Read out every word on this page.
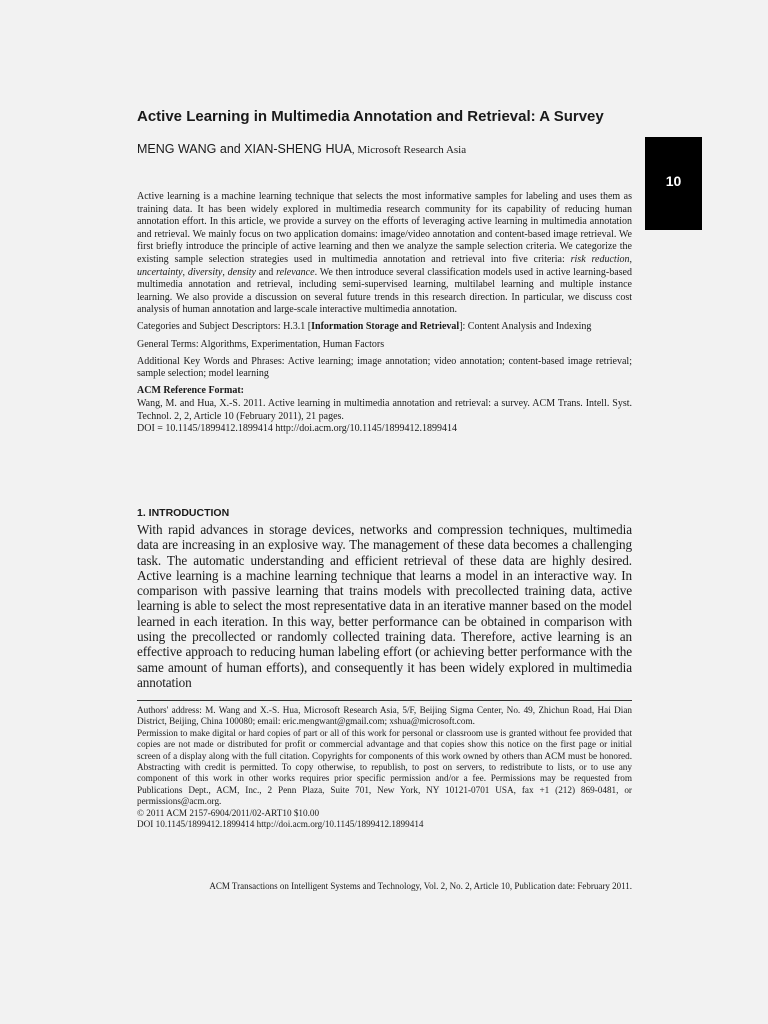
Active Learning in Multimedia Annotation and Retrieval: A Survey

MENG WANG and XIAN-SHENG HUA, Microsoft Research Asia

10

Active learning is a machine learning technique that selects the most informative samples for labeling and uses them as training data. It has been widely explored in multimedia research community for its capability of reducing human annotation effort. In this article, we provide a survey on the efforts of leveraging active learning in multimedia annotation and retrieval. We mainly focus on two application domains: image/video annotation and content-based image retrieval. We first briefly introduce the principle of active learning and then we analyze the sample selection criteria. We categorize the existing sample selection strategies used in multimedia annotation and retrieval into five criteria: risk reduction, uncertainty, diversity, density and relevance. We then introduce several classification models used in active learning-based multimedia annotation and retrieval, including semi-supervised learning, multilabel learning and multiple instance learning. We also provide a discussion on several future trends in this research direction. In particular, we discuss cost analysis of human annotation and large-scale interactive multimedia annotation.

Categories and Subject Descriptors: H.3.1 [Information Storage and Retrieval]: Content Analysis and Indexing

General Terms: Algorithms, Experimentation, Human Factors

Additional Key Words and Phrases: Active learning; image annotation; video annotation; content-based image retrieval; sample selection; model learning

ACM Reference Format:

Wang, M. and Hua, X.-S. 2011. Active learning in multimedia annotation and retrieval: a survey. ACM Trans. Intell. Syst. Technol. 2, 2, Article 10 (February 2011), 21 pages.

DOI = 10.1145/1899412.1899414 http://doi.acm.org/10.1145/1899412.1899414

1. INTRODUCTION

With rapid advances in storage devices, networks and compression techniques, multimedia data are increasing in an explosive way. The management of these data becomes a challenging task. The automatic understanding and efficient retrieval of these data are highly desired. Active learning is a machine learning technique that learns a model in an interactive way. In comparison with passive learning that trains models with precollected training data, active learning is able to select the most representative data in an iterative manner based on the model learned in each iteration. In this way, better performance can be obtained in comparison with using the precollected or randomly collected training data. Therefore, active learning is an effective approach to reducing human labeling effort (or achieving better performance with the same amount of human efforts), and consequently it has been widely explored in multimedia annotation

Authors' address: M. Wang and X.-S. Hua, Microsoft Research Asia, 5/F, Beijing Sigma Center, No. 49, Zhichun Road, Hai Dian District, Beijing, China 100080; email: eric.mengwant@gmail.com; xshua@microsoft.com.

Permission to make digital or hard copies of part or all of this work for personal or classroom use is granted without fee provided that copies are not made or distributed for profit or commercial advantage and that copies show this notice on the first page or initial screen of a display along with the full citation. Copyrights for components of this work owned by others than ACM must be honored. Abstracting with credit is permitted. To copy otherwise, to republish, to post on servers, to redistribute to lists, or to use any component of this work in other works requires prior specific permission and/or a fee. Permissions may be requested from Publications Dept., ACM, Inc., 2 Penn Plaza, Suite 701, New York, NY 10121-0701 USA, fax +1 (212) 869-0481, or permissions@acm.org.

© 2011 ACM 2157-6904/2011/02-ART10 $10.00

DOI 10.1145/1899412.1899414 http://doi.acm.org/10.1145/1899412.1899414

ACM Transactions on Intelligent Systems and Technology, Vol. 2, No. 2, Article 10, Publication date: February 2011.
